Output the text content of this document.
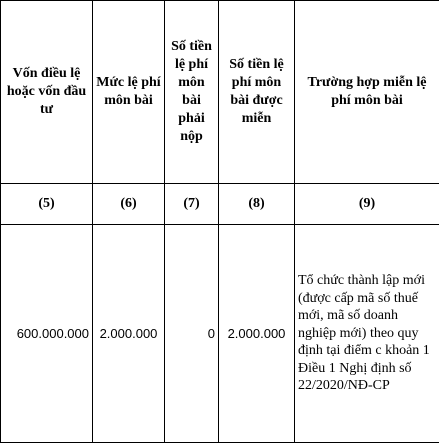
Vốn điều lệ hoặc vốn đầu tư	Mức lệ phí môn bài	Số tiền lệ phí môn bài phải nộp	Số tiền lệ phí môn bài được miễn	Trường hợp miễn lệ phí môn bài
(5)	(6)	(7)	(8)	(9)
600.000.000	2.000.000	0	2.000.000	Tổ chức thành lập mới (được cấp mã số thuế mới, mã số doanh nghiệp mới) theo quy định tại điểm c khoản 1 Điều 1 Nghị định số 22/2020/NĐ-CP
